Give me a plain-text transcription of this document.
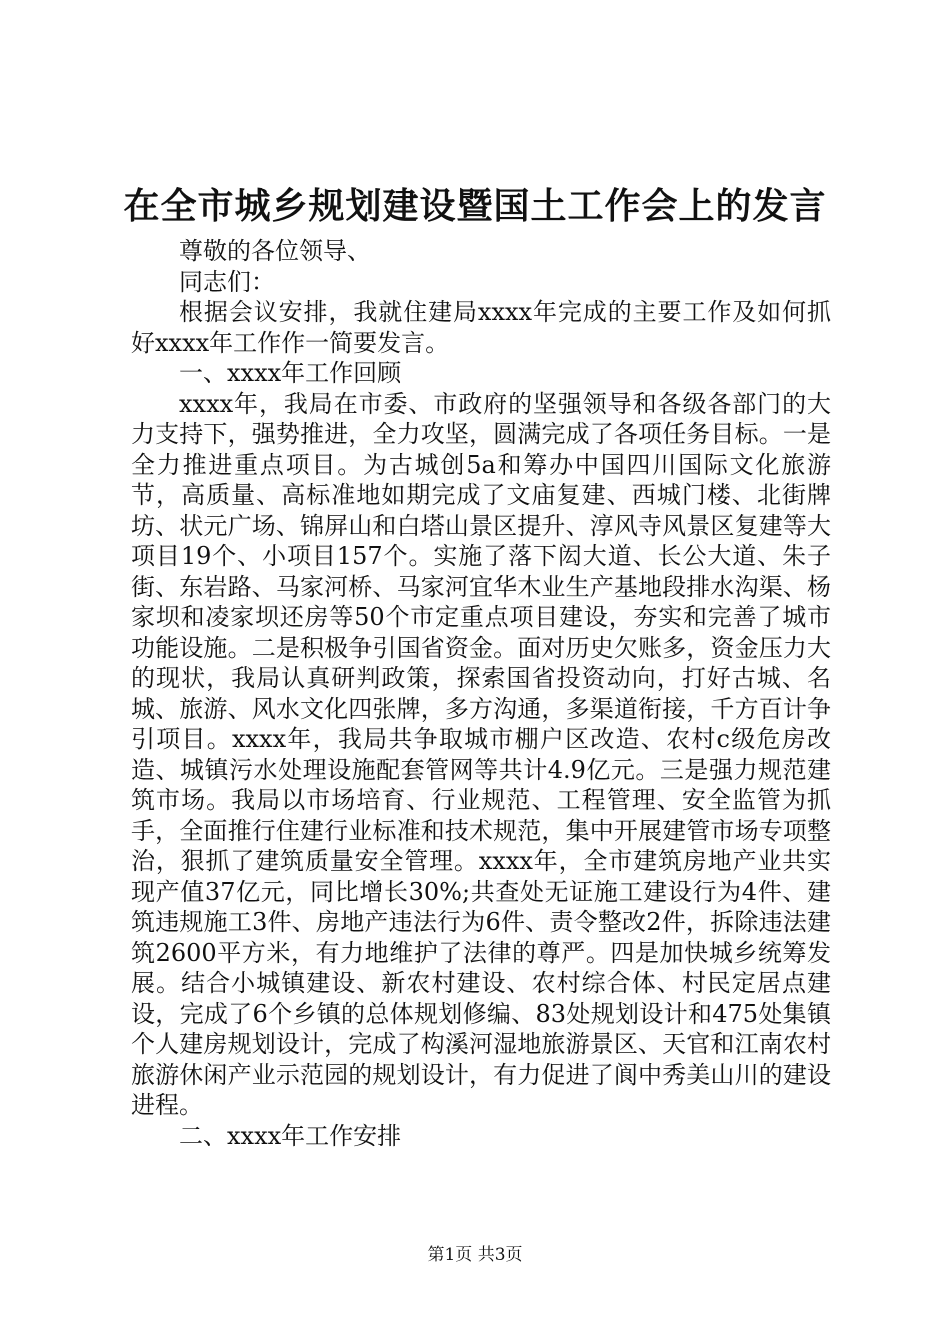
在全市城乡规划建设暨国土工作会上的发言

尊敬的各位领导、

同志们：

根据会议安排，我就住建局xxxx年完成的主要工作及如何抓好xxxx年工作作一简要发言。

一、xxxx年工作回顾

xxxx年，我局在市委、市政府的坚强领导和各级各部门的大力支持下，强势推进，全力攻坚，圆满完成了各项任务目标。一是全力推进重点项目。为古城创5a和筹办中国四川国际文化旅游节，高质量、高标准地如期完成了文庙复建、西城门楼、北街牌坊、状元广场、锦屏山和白塔山景区提升、淳风寺风景区复建等大项目19个、小项目157个。实施了落下闳大道、长公大道、朱子街、东岩路、马家河桥、马家河宜华木业生产基地段排水沟渠、杨家坝和凌家坝还房等50个市定重点项目建设，夯实和完善了城市功能设施。二是积极争引国省资金。面对历史欠账多，资金压力大的现状，我局认真研判政策，探索国省投资动向，打好古城、名城、旅游、风水文化四张牌，多方沟通，多渠道衔接，千方百计争引项目。xxxx年，我局共争取城市棚户区改造、农村c级危房改造、城镇污水处理设施配套管网等共计4.9亿元。三是强力规范建筑市场。我局以市场培育、行业规范、工程管理、安全监管为抓手，全面推行住建行业标准和技术规范，集中开展建管市场专项整治，狠抓了建筑质量安全管理。xxxx年，全市建筑房地产业共实现产值37亿元，同比增长30%;共查处无证施工建设行为4件、建筑违规施工3件、房地产违法行为6件、责令整改2件，拆除违法建筑2600平方米，有力地维护了法律的尊严。四是加快城乡统筹发展。结合小城镇建设、新农村建设、农村综合体、村民定居点建设，完成了6个乡镇的总体规划修编、83处规划设计和475处集镇个人建房规划设计，完成了构溪河湿地旅游景区、天官和江南农村旅游休闲产业示范园的规划设计，有力促进了阆中秀美山川的建设进程。

二、xxxx年工作安排

第1页 共3页
